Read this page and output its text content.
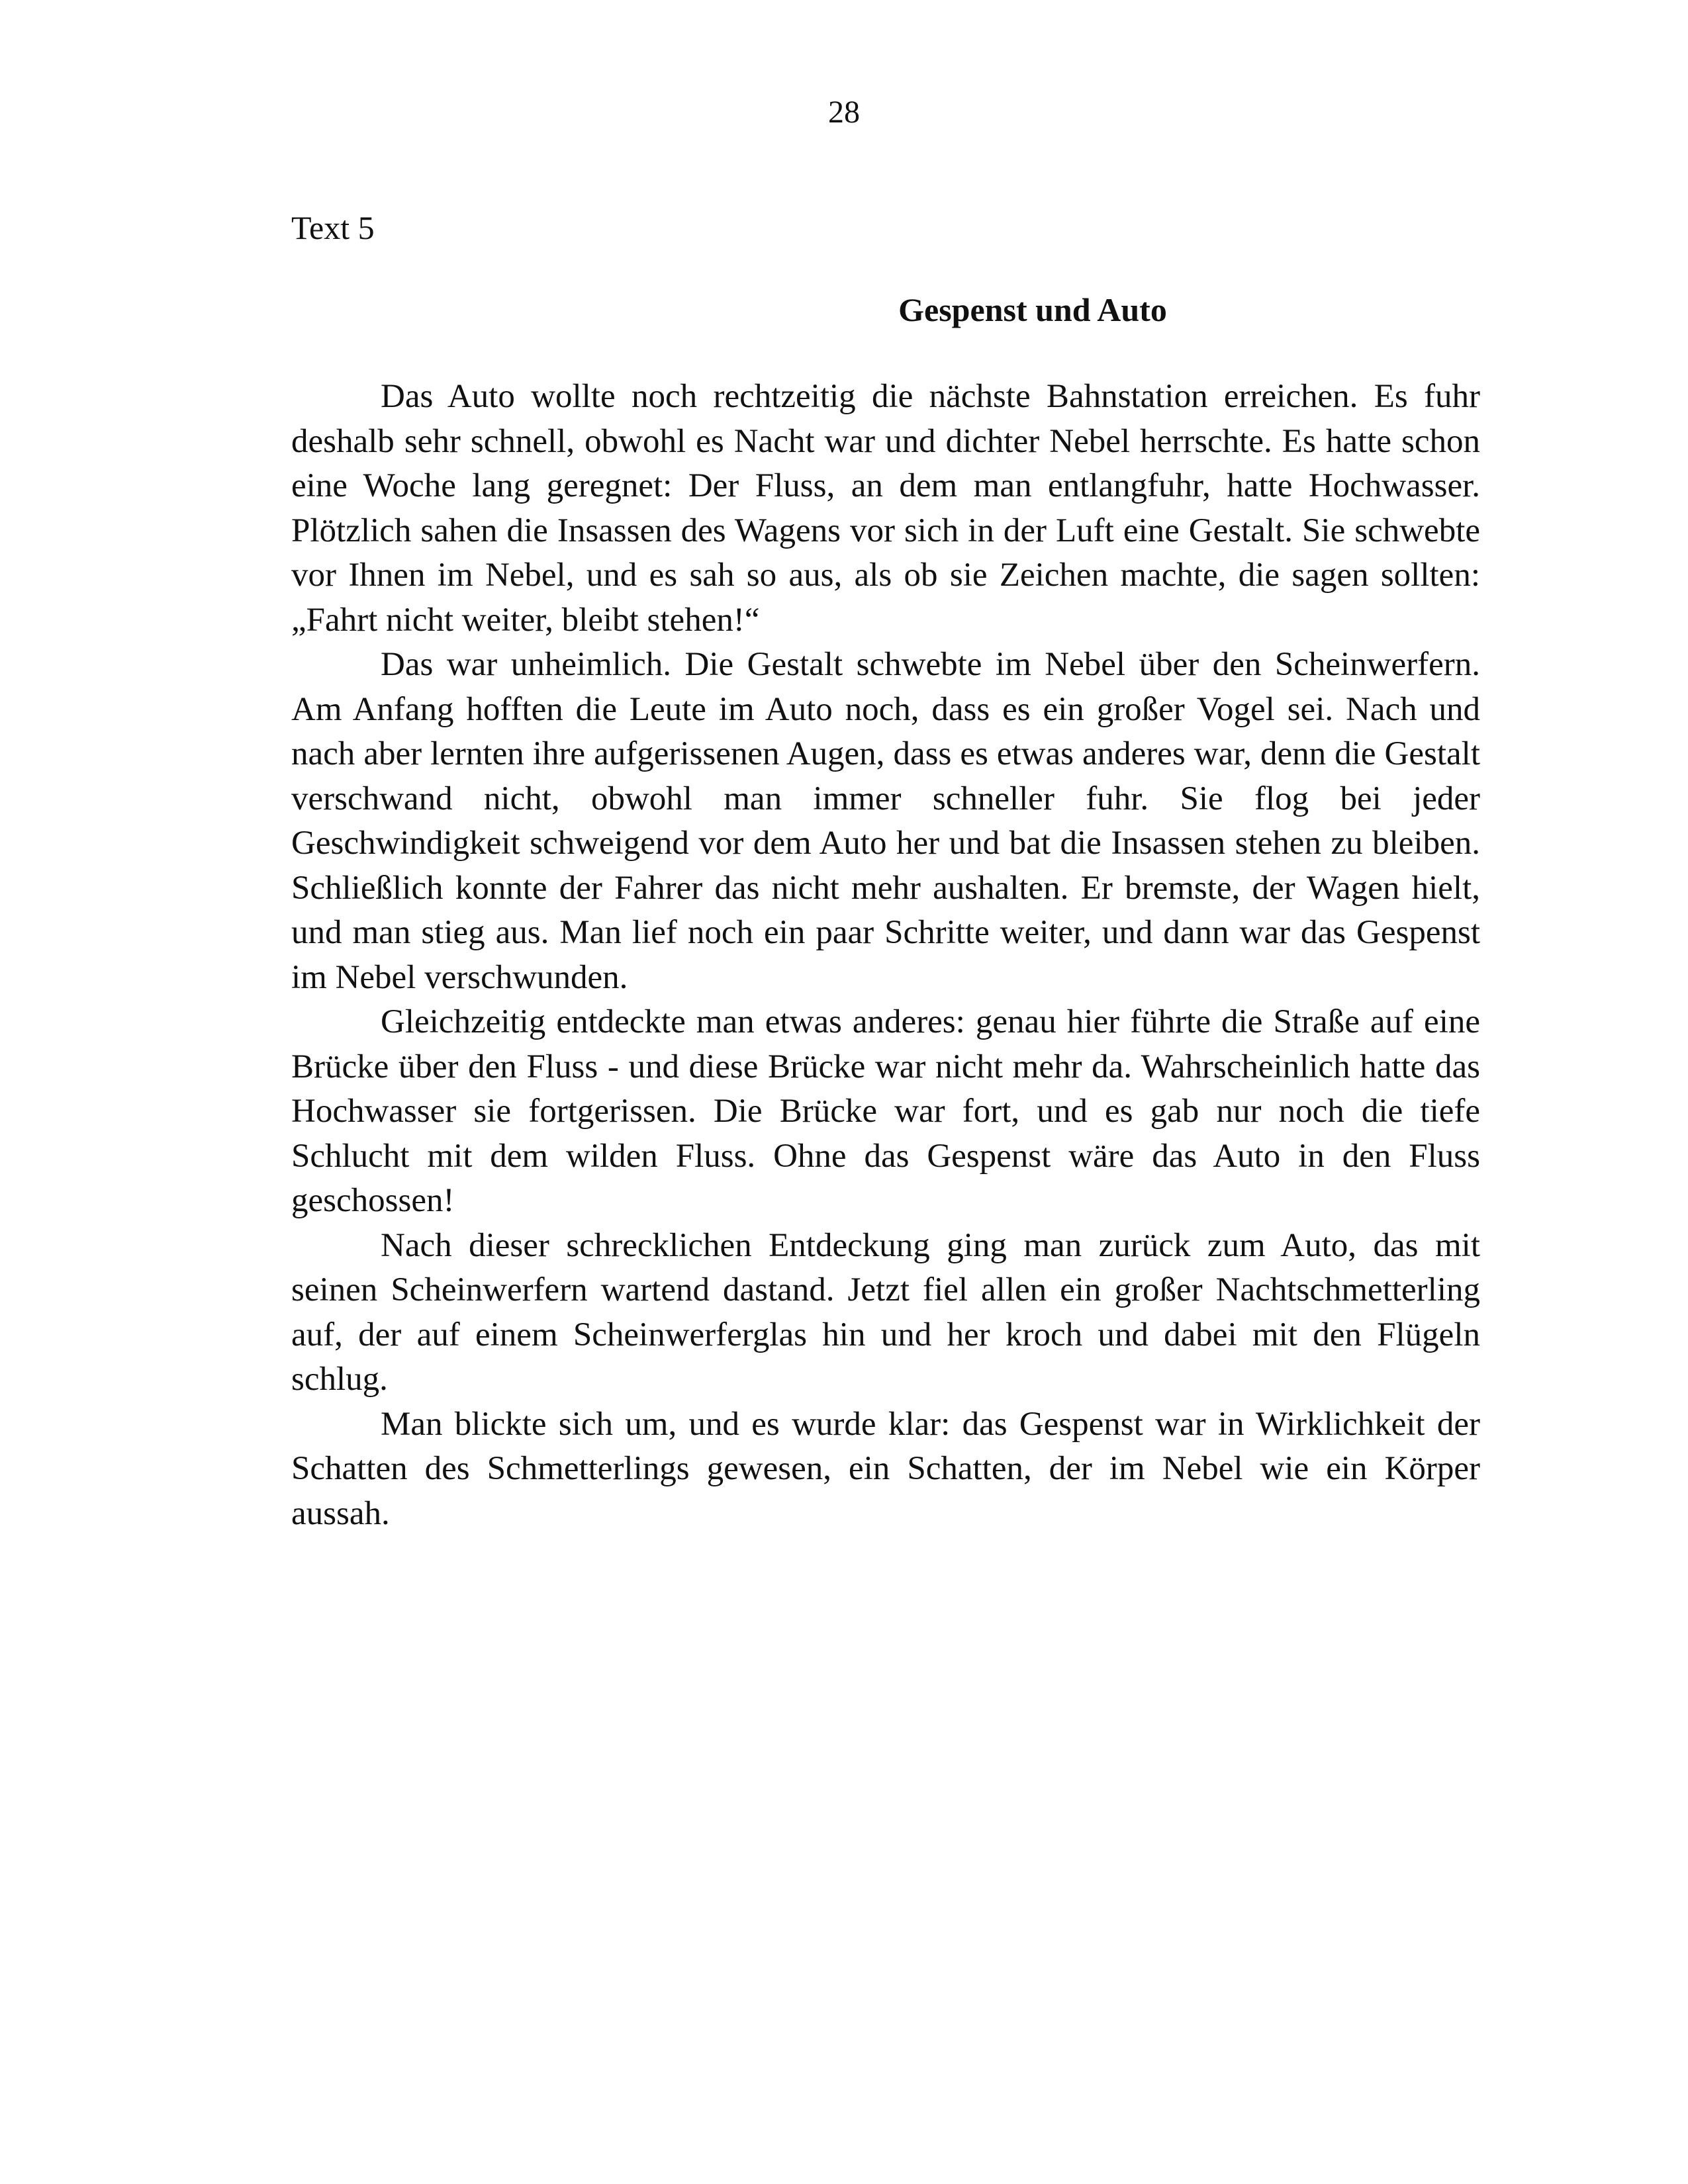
28
Text 5
Gespenst und Auto

Das Auto wollte noch rechtzeitig die nächste Bahnstation erreichen. Es fuhr deshalb sehr schnell, obwohl es Nacht war und dichter Nebel herrschte. Es hatte schon eine Woche lang geregnet: Der Fluss, an dem man entlangfuhr, hatte Hochwasser. Plötzlich sahen die Insassen des Wagens vor sich in der Luft eine Gestalt. Sie schwebte vor Ihnen im Nebel, und es sah so aus, als ob sie Zeichen machte, die sagen sollten: „Fahrt nicht weiter, bleibt stehen!“

Das war unheimlich. Die Gestalt schwebte im Nebel über den Scheinwerfern. Am Anfang hofften die Leute im Auto noch, dass es ein großer Vogel sei. Nach und nach aber lernten ihre aufgerissenen Augen, dass es etwas anderes war, denn die Gestalt verschwand nicht, obwohl man immer schneller fuhr. Sie flog bei jeder Geschwindigkeit schweigend vor dem Auto her und bat die Insassen stehen zu bleiben. Schließlich konnte der Fahrer das nicht mehr aushalten. Er bremste, der Wagen hielt, und man stieg aus. Man lief noch ein paar Schritte weiter, und dann war das Gespenst im Nebel verschwunden.

Gleichzeitig entdeckte man etwas anderes: genau hier führte die Straße auf eine Brücke über den Fluss - und diese Brücke war nicht mehr da. Wahrscheinlich hatte das Hochwasser sie fortgerissen. Die Brücke war fort, und es gab nur noch die tiefe Schlucht mit dem wilden Fluss. Ohne das Gespenst wäre das Auto in den Fluss geschossen!

Nach dieser schrecklichen Entdeckung ging man zurück zum Auto, das mit seinen Scheinwerfern wartend dastand. Jetzt fiel allen ein großer Nachtschmetterling auf, der auf einem Scheinwerferglas hin und her kroch und dabei mit den Flügeln schlug.

Man blickte sich um, und es wurde klar: das Gespenst war in Wirklichkeit der Schatten des Schmetterlings gewesen, ein Schatten, der im Nebel wie ein Körper aussah.
